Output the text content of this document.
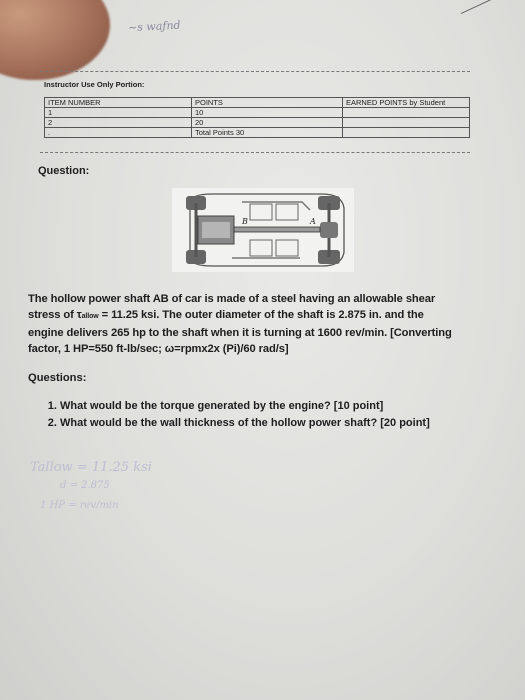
~s waƒnd
Instructor Use Only Portion:
ITEM NUMBER	POINTS	EARNED POINTS by Student
1	10	
2	20	
.	Total Points 30	
Question:
B	A
The hollow power shaft AB of car is made of a steel having an allowable shear
stress of τallow = 11.25 ksi. The outer diameter of the shaft is 2.875 in. and the
engine delivers 265 hp to the shaft when it is turning at 1600 rev/min. [Converting
factor, 1 HP=550 ft-lb/sec; ω=rpmx2x (Pi)/60 rad/s]
Questions:
1. What would be the torque generated by the engine? [10 point]
2. What would be the wall thickness of the hollow power shaft? [20 point]
Tallow = 11.25 ksi
d = 2.875
1 HP = rev/min
